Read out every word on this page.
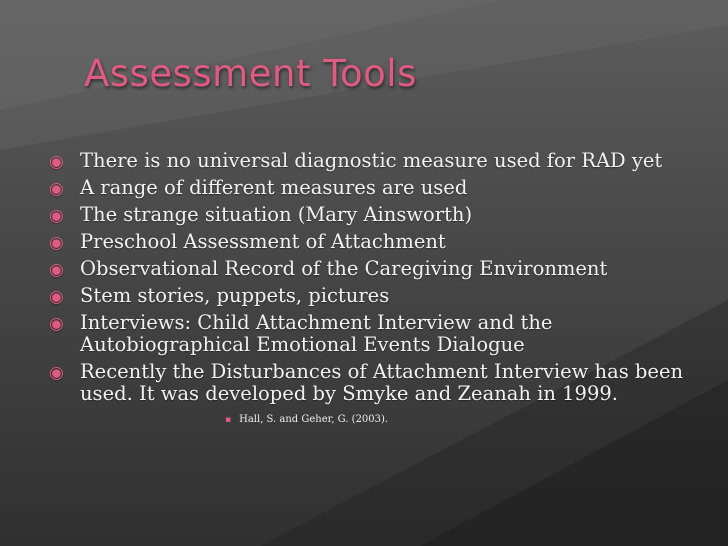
Assessment Tools
◉ There is no universal diagnostic measure used for RAD yet
◉ A range of different measures are used
◉ The strange situation (Mary Ainsworth)
◉ Preschool Assessment of Attachment
◉ Observational Record of the Caregiving Environment
◉ Stem stories, puppets, pictures
◉ Interviews: Child Attachment Interview and the Autobiographical Emotional Events Dialogue
◉ Recently the Disturbances of Attachment Interview has been used. It was developed by Smyke and Zeanah in 1999.
▪ Hall, S. and Geher, G. (2003).
